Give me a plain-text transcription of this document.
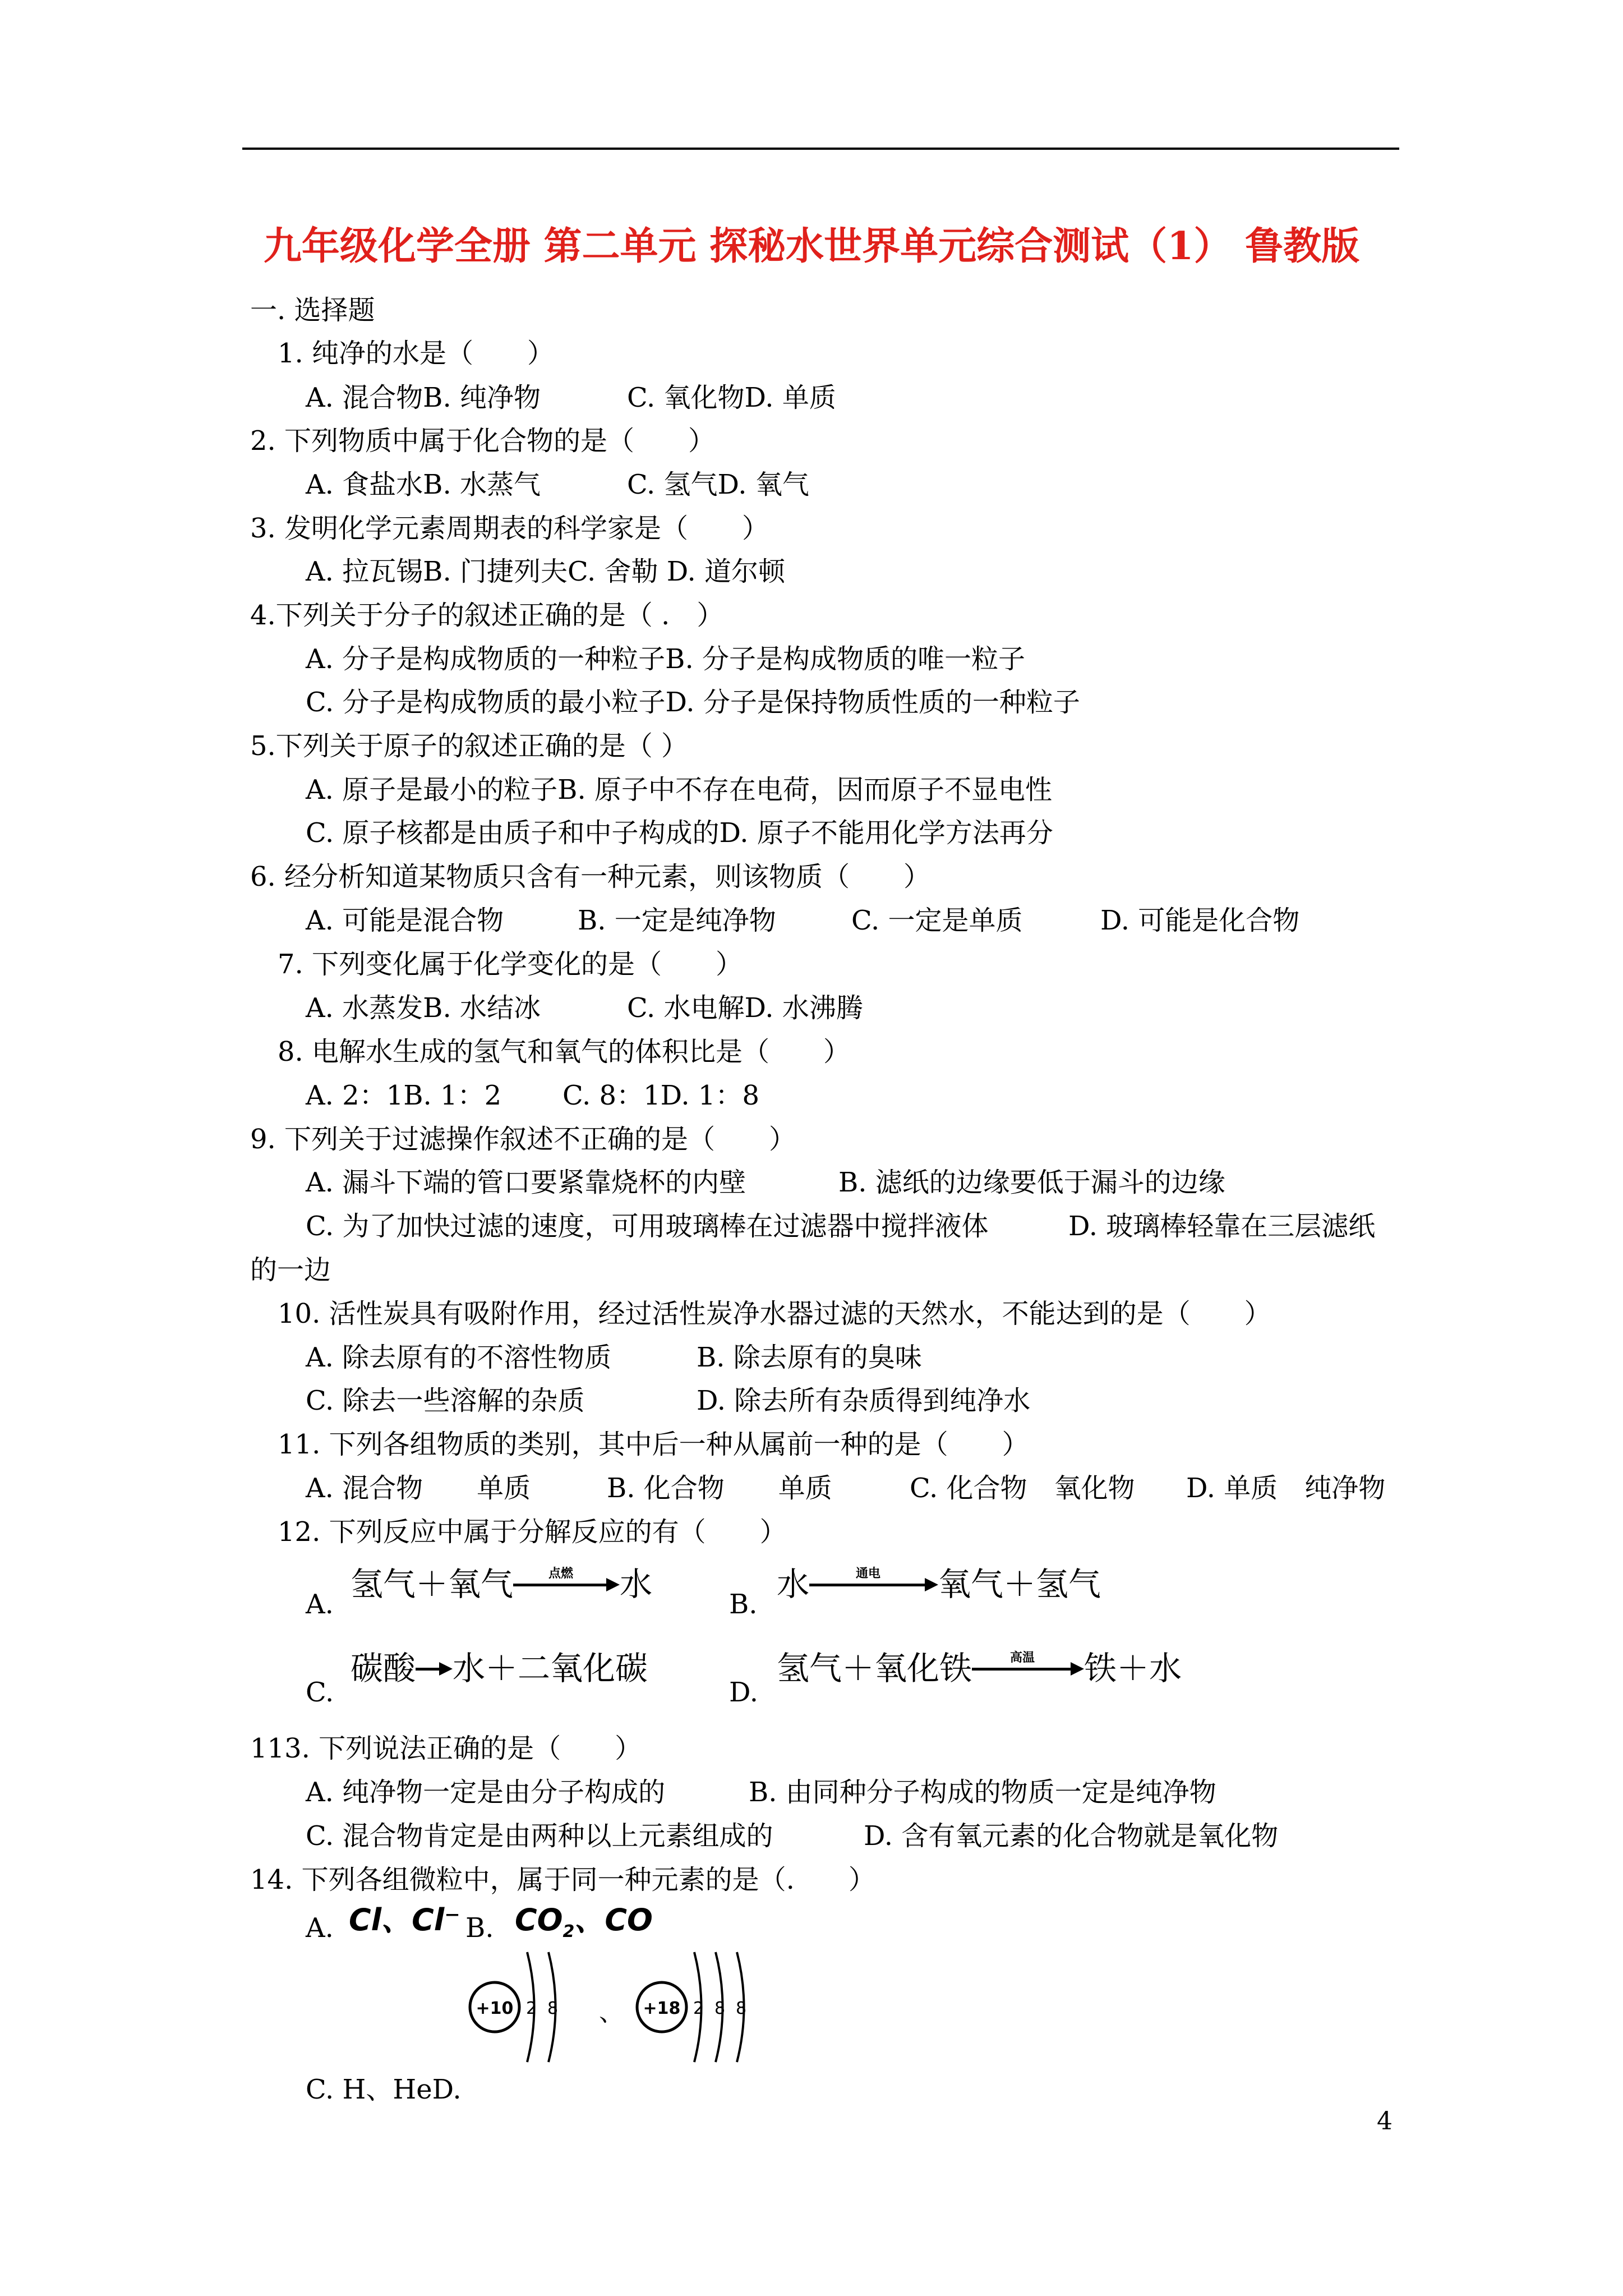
九年级化学全册 第二单元 探秘水世界单元综合测试（1） 鲁教版
一. 选择题
1. 纯净的水是（　　）
A. 混合物B. 纯净物	C. 氧化物D. 单质
2. 下列物质中属于化合物的是（　　）
A. 食盐水B. 水蒸气	C. 氢气D. 氧气
3. 发明化学元素周期表的科学家是（　　）
A. 拉瓦锡B. 门捷列夫C. 舍勒 D. 道尔顿
4.下列关于分子的叙述正确的是（ .　）
A. 分子是构成物质的一种粒子B. 分子是构成物质的唯一粒子
C. 分子是构成物质的最小粒子D. 分子是保持物质性质的一种粒子
5.下列关于原子的叙述正确的是（ ）
A. 原子是最小的粒子B. 原子中不存在电荷，因而原子不显电性
C. 原子核都是由质子和中子构成的D. 原子不能用化学方法再分
6. 经分析知道某物质只含有一种元素，则该物质（　　）
A. 可能是混合物	B. 一定是纯净物	C. 一定是单质	D. 可能是化合物
7. 下列变化属于化学变化的是（　　）
A. 水蒸发B. 水结冰	C. 水电解D. 水沸腾
8. 电解水生成的氢气和氧气的体积比是（　　）
A. 2：1B. 1：2 C. 8：1D. 1：8
9. 下列关于过滤操作叙述不正确的是（　　）
A. 漏斗下端的管口要紧靠烧杯的内壁	B. 滤纸的边缘要低于漏斗的边缘
C. 为了加快过滤的速度，可用玻璃棒在过滤器中搅拌液体	D. 玻璃棒轻靠在三层滤纸
的一边
10. 活性炭具有吸附作用，经过活性炭净水器过滤的天然水，不能达到的是（　　）
A. 除去原有的不溶性物质	B. 除去原有的臭味
C. 除去一些溶解的杂质	D. 除去所有杂质得到纯净水
11. 下列各组物质的类别，其中后一种从属前一种的是（　　）
A. 混合物　　单质	B. 化合物　　单质	C. 化合物　氧化物 D. 单质　纯净物
12. 下列反应中属于分解反应的有（　　）
A.
氢气＋氧气	点燃	水
B.
水	通电	氧气＋氢气
C.
碳酸 水＋二氧化碳
D.
氢气＋氧化铁	高温	铁＋水
113. 下列说法正确的是（　　）
A. 纯净物一定是由分子构成的	B. 由同种分子构成的物质一定是纯净物
C. 混合物肯定是由两种以上元素组成的	D. 含有氧元素的化合物就是氧化物
14. 下列各组微粒中，属于同一种元素的是（.　　）
A. Cl、Cl⁻ B. $CO_2$、CO
+10 2 8 、 +18 2 8 8
C. H、HeD.
4
